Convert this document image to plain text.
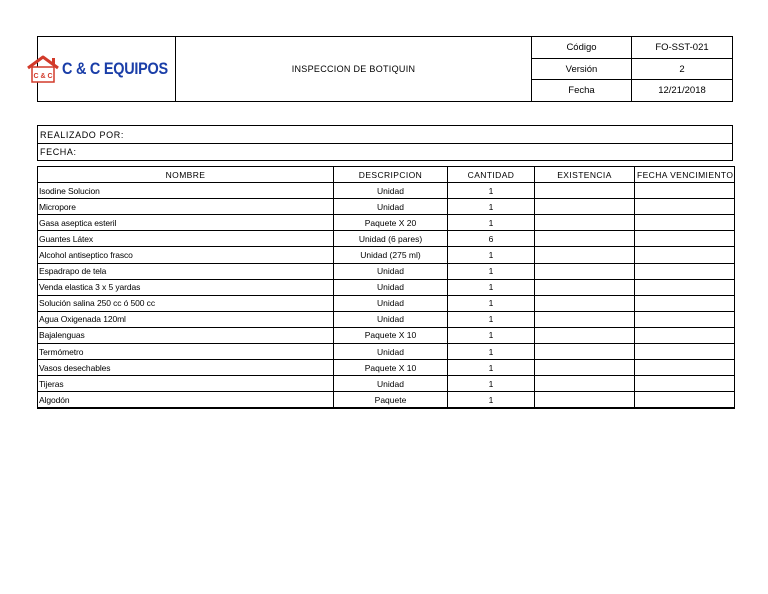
C & C C & C EQUIPOS	INSPECCION DE BOTIQUIN
Código	FO-SST-021
Versión	2
Fecha	12/21/2018
REALIZADO POR:
FECHA:
NOMBRE	DESCRIPCION	CANTIDAD	EXISTENCIA	FECHA VENCIMIENTO
Isodine Solucion	Unidad	1		
Micropore	Unidad	1		
Gasa aseptica esteril	Paquete X 20	1		
Guantes Látex	Unidad (6 pares)	6		
Alcohol antiseptico frasco	Unidad (275 ml)	1		
Espadrapo de tela	Unidad	1		
Venda elastica 3 x 5 yardas	Unidad	1		
Solución salina 250 cc ó 500 cc	Unidad	1		
Agua Oxigenada 120ml	Unidad	1		
Bajalenguas	Paquete X 10	1		
Termómetro	Unidad	1		
Vasos desechables	Paquete X 10	1		
Tijeras	Unidad	1		
Algodón	Paquete	1		
